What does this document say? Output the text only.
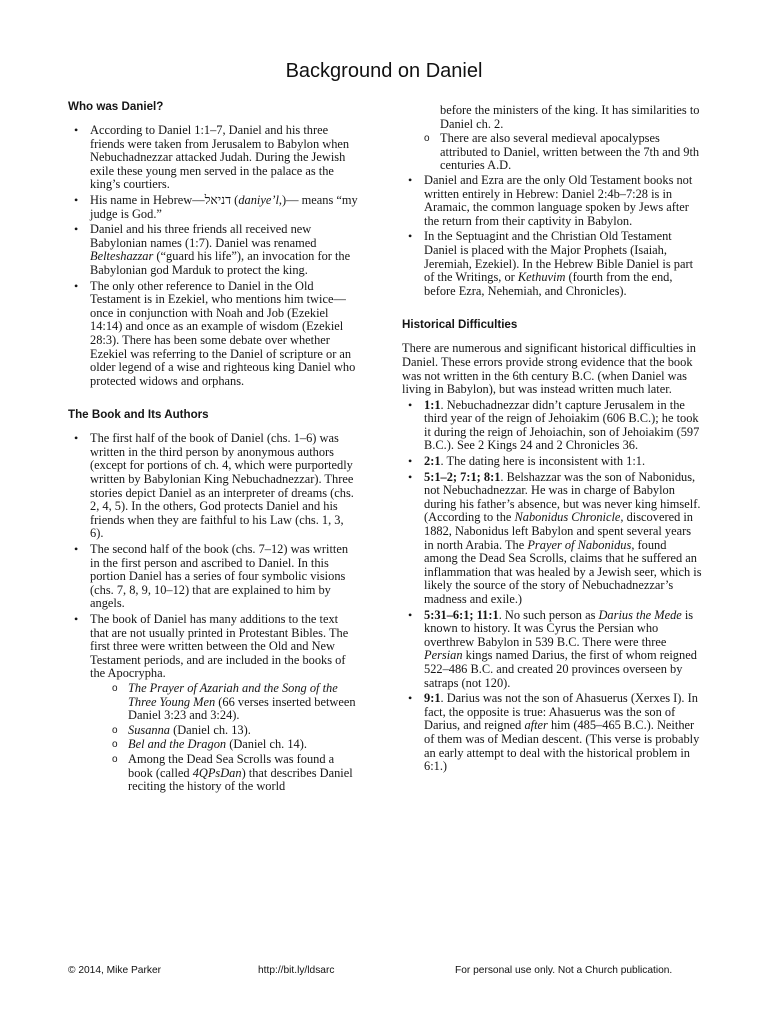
Background on Daniel
Who was Daniel?
• According to Daniel 1:1–7, Daniel and his three friends were taken from Jerusalem to Babylon when Nebuchadnezzar attacked Judah. During the Jewish exile these young men served in the palace as the king’s courtiers.
• His name in Hebrew—דניאל (daniye’l,)— means “my judge is God.”
• Daniel and his three friends all received new Babylonian names (1:7). Daniel was renamed Belteshazzar (“guard his life”), an invocation for the Babylonian god Marduk to protect the king.
• The only other reference to Daniel in the Old Testament is in Ezekiel, who mentions him twice—once in conjunction with Noah and Job (Ezekiel 14:14) and once as an example of wisdom (Ezekiel 28:3). There has been some debate over whether Ezekiel was referring to the Daniel of scripture or an older legend of a wise and righteous king Daniel who protected widows and orphans.
The Book and Its Authors
• The first half of the book of Daniel (chs. 1–6) was written in the third person by anonymous authors (except for portions of ch. 4, which were purportedly written by Babylonian King Nebuchadnezzar). Three stories depict Daniel as an interpreter of dreams (chs. 2, 4, 5). In the others, God protects Daniel and his friends when they are faithful to his Law (chs. 1, 3, 6).
• The second half of the book (chs. 7–12) was written in the first person and ascribed to Daniel. In this portion Daniel has a series of four symbolic visions (chs. 7, 8, 9, 10–12) that are explained to him by angels.
• The book of Daniel has many additions to the text that are not usually printed in Protestant Bibles. The first three were written between the Old and New Testament periods, and are included in the books of the Apocrypha.
o The Prayer of Azariah and the Song of the Three Young Men (66 verses inserted between Daniel 3:23 and 3:24).
o Susanna (Daniel ch. 13).
o Bel and the Dragon (Daniel ch. 14).
o Among the Dead Sea Scrolls was found a book (called 4QPsDan) that describes Daniel reciting the history of the world
before the ministers of the king. It has similarities to Daniel ch. 2.
o There are also several medieval apocalypses attributed to Daniel, written between the 7th and 9th centuries A.D.
• Daniel and Ezra are the only Old Testament books not written entirely in Hebrew: Daniel 2:4b–7:28 is in Aramaic, the common language spoken by Jews after the return from their captivity in Babylon.
• In the Septuagint and the Christian Old Testament Daniel is placed with the Major Prophets (Isaiah, Jeremiah, Ezekiel). In the Hebrew Bible Daniel is part of the Writings, or Kethuvim (fourth from the end, before Ezra, Nehemiah, and Chronicles).
Historical Difficulties

There are numerous and significant historical difficulties in Daniel. These errors provide strong evidence that the book was not written in the 6th century B.C. (when Daniel was living in Babylon), but was instead written much later.

• 1:1. Nebuchadnezzar didn’t capture Jerusalem in the third year of the reign of Jehoiakim (606 B.C.); he took it during the reign of Jehoiachin, son of Jehoiakim (597 B.C.). See 2 Kings 24 and 2 Chronicles 36.
• 2:1. The dating here is inconsistent with 1:1.
• 5:1–2; 7:1; 8:1. Belshazzar was the son of Nabonidus, not Nebuchadnezzar. He was in charge of Babylon during his father’s absence, but was never king himself. (According to the Nabonidus Chronicle, discovered in 1882, Nabonidus left Babylon and spent several years in north Arabia. The Prayer of Nabonidus, found among the Dead Sea Scrolls, claims that he suffered an inflammation that was healed by a Jewish seer, which is likely the source of the story of Nebuchadnezzar’s madness and exile.)
• 5:31–6:1; 11:1. No such person as Darius the Mede is known to history. It was Cyrus the Persian who overthrew Babylon in 539 B.C. There were three Persian kings named Darius, the first of whom reigned 522–486 B.C. and created 20 provinces overseen by satraps (not 120).
• 9:1. Darius was not the son of Ahasuerus (Xerxes I). In fact, the opposite is true: Ahasuerus was the son of Darius, and reigned after him (485–465 B.C.). Neither of them was of Median descent. (This verse is probably an early attempt to deal with the historical problem in 6:1.)
© 2014, Mike Parker	http://bit.ly/ldsarc	For personal use only. Not a Church publication.
